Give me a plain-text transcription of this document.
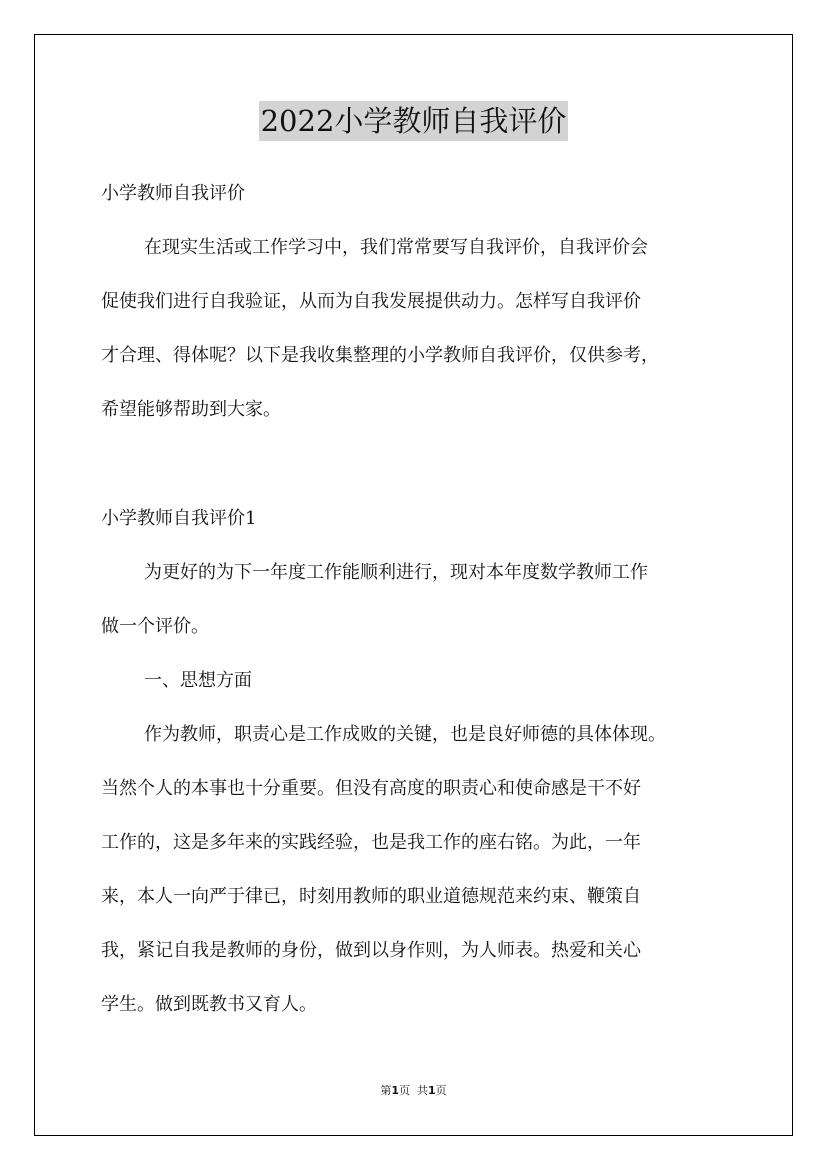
2022小学教师自我评价
小学教师自我评价
在现实生活或工作学习中，我们常常要写自我评价，自我评价会
促使我们进行自我验证，从而为自我发展提供动力。怎样写自我评价
才合理、得体呢？以下是我收集整理的小学教师自我评价，仅供参考，
希望能够帮助到大家。
小学教师自我评价1
为更好的为下一年度工作能顺利进行，现对本年度数学教师工作
做一个评价。
一、思想方面
作为教师，职责心是工作成败的关键，也是良好师德的具体体现。
当然个人的本事也十分重要。但没有高度的职责心和使命感是干不好
工作的，这是多年来的实践经验，也是我工作的座右铭。为此，一年
来，本人一向严于律已，时刻用教师的职业道德规范来约束、鞭策自
我，紧记自我是教师的身份，做到以身作则，为人师表。热爱和关心
学生。做到既教书又育人。
第1页 共1页
